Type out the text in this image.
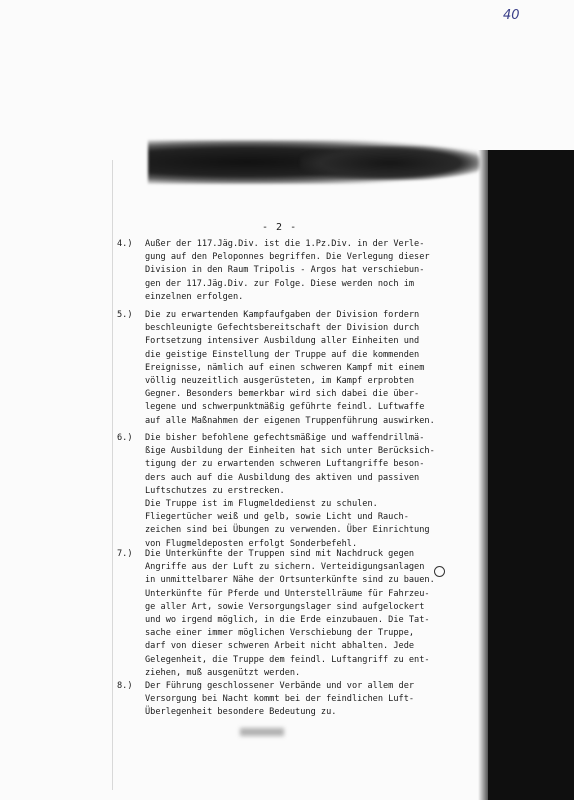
40
- 2 -
4.)	Außer der 117.Jäg.Div. ist die 1.Pz.Div. in der Verle-
gung auf den Peloponnes begriffen. Die Verlegung dieser
Division in den Raum Tripolis - Argos hat verschiebun-
gen der 117.Jäg.Div. zur Folge. Diese werden noch im
einzelnen erfolgen.
5.)	Die zu erwartenden Kampfaufgaben der Division fordern
beschleunigte Gefechtsbereitschaft der Division durch
Fortsetzung intensiver Ausbildung aller Einheiten und
die geistige Einstellung der Truppe auf die kommenden
Ereignisse, nämlich auf einen schweren Kampf mit einem
völlig neuzeitlich ausgerüsteten, im Kampf erprobten
Gegner. Besonders bemerkbar wird sich dabei die über-
legene und schwerpunktmäßig geführte feindl. Luftwaffe
auf alle Maßnahmen der eigenen Truppenführung auswirken.
6.)	Die bisher befohlene gefechtsmäßige und waffendrillmä-
ßige Ausbildung der Einheiten hat sich unter Berücksich-
tigung der zu erwartenden schweren Luftangriffe beson-
ders auch auf die Ausbildung des aktiven und passiven
Luftschutzes zu erstrecken.
Die Truppe ist im Flugmeldedienst zu schulen.
Fliegertücher weiß und gelb, sowie Licht und Rauch-
zeichen sind bei Übungen zu verwenden. Über Einrichtung
von Flugmeldeposten erfolgt Sonderbefehl.
7.)	Die Unterkünfte der Truppen sind mit Nachdruck gegen
Angriffe aus der Luft zu sichern. Verteidigungsanlagen
in unmittelbarer Nähe der Ortsunterkünfte sind zu bauen.
Unterkünfte für Pferde und Unterstellräume für Fahrzeu-
ge aller Art, sowie Versorgungslager sind aufgelockert
und wo irgend möglich, in die Erde einzubauen. Die Tat-
sache einer immer möglichen Verschiebung der Truppe,
darf von dieser schweren Arbeit nicht abhalten. Jede
Gelegenheit, die Truppe dem feindl. Luftangriff zu ent-
ziehen, muß ausgenützt werden.
8.)	Der Führung geschlossener Verbände und vor allem der
Versorgung bei Nacht kommt bei der feindlichen Luft-
Überlegenheit besondere Bedeutung zu.
